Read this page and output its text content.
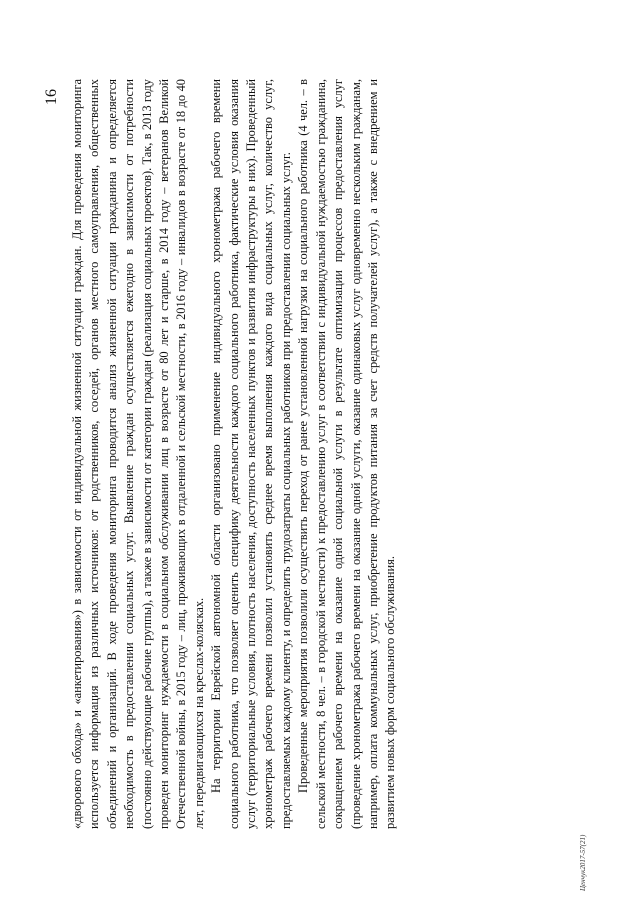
16 «дворового обхода» и «анкетирования») в зависимости от индивидуальной жизненной ситуации граждан. Для проведения мониторинга используется информация из различных источников: от родственников, соседей, органов местного самоуправления, общественных объединений и организаций. В ходе проведения мониторинга проводится анализ жизненной ситуации гражданина и определяется необходимость в предоставлении социальных услуг. Выявление граждан осуществляется ежегодно в зависимости от потребности (постоянно действующие рабочие группы), а также в зависимости от категории граждан (реализация социальных проектов). Так, в 2013 году проведен мониторинг нуждаемости в социальном обслуживании лиц в возрасте от 80 лет и старше, в 2014 году – ветеранов Великой Отечественной войны, в 2015 году – лиц, проживающих в отдаленной и сельской местности, в 2016 году – инвалидов в возрасте от 18 до 40 лет, передвигающихся на креслах-колясках. На территории Еврейской автономной области организовано применение индивидуального хронометража рабочего времени социального работника, что позволяет оценить специфику деятельности каждого социального работника, фактические условия оказания услуг (территориальные условия, плотность населения, доступность населенных пунктов и развития инфраструктуры в них). Проведенный хронометраж рабочего времени позволил установить среднее время выполнения каждого вида социальных услуг, количество услуг, предоставляемых каждому клиенту, и определить трудозатраты социальных работников при предоставлении социальных услуг. Проведенные мероприятия позволили осуществить переход от ранее установленной нагрузки на социального работника (4 чел. – в сельской местности, 8 чел. – в городской местности) к предоставлению услуг в соответствии с индивидуальной нуждаемостью гражданина, сокращением рабочего времени на оказание одной социальной услуги в результате оптимизации процессов предоставления услуг (проведение хронометража рабочего времени на оказание одной услуги, оказание одинаковых услуг одновременно нескольким гражданам, например, оплата коммунальных услуг, приобретение продуктов питания за счет средств получателей услуг), а также с внедрением и развитием новых форм социального обслуживания.

Ценчук2017-57(21)
